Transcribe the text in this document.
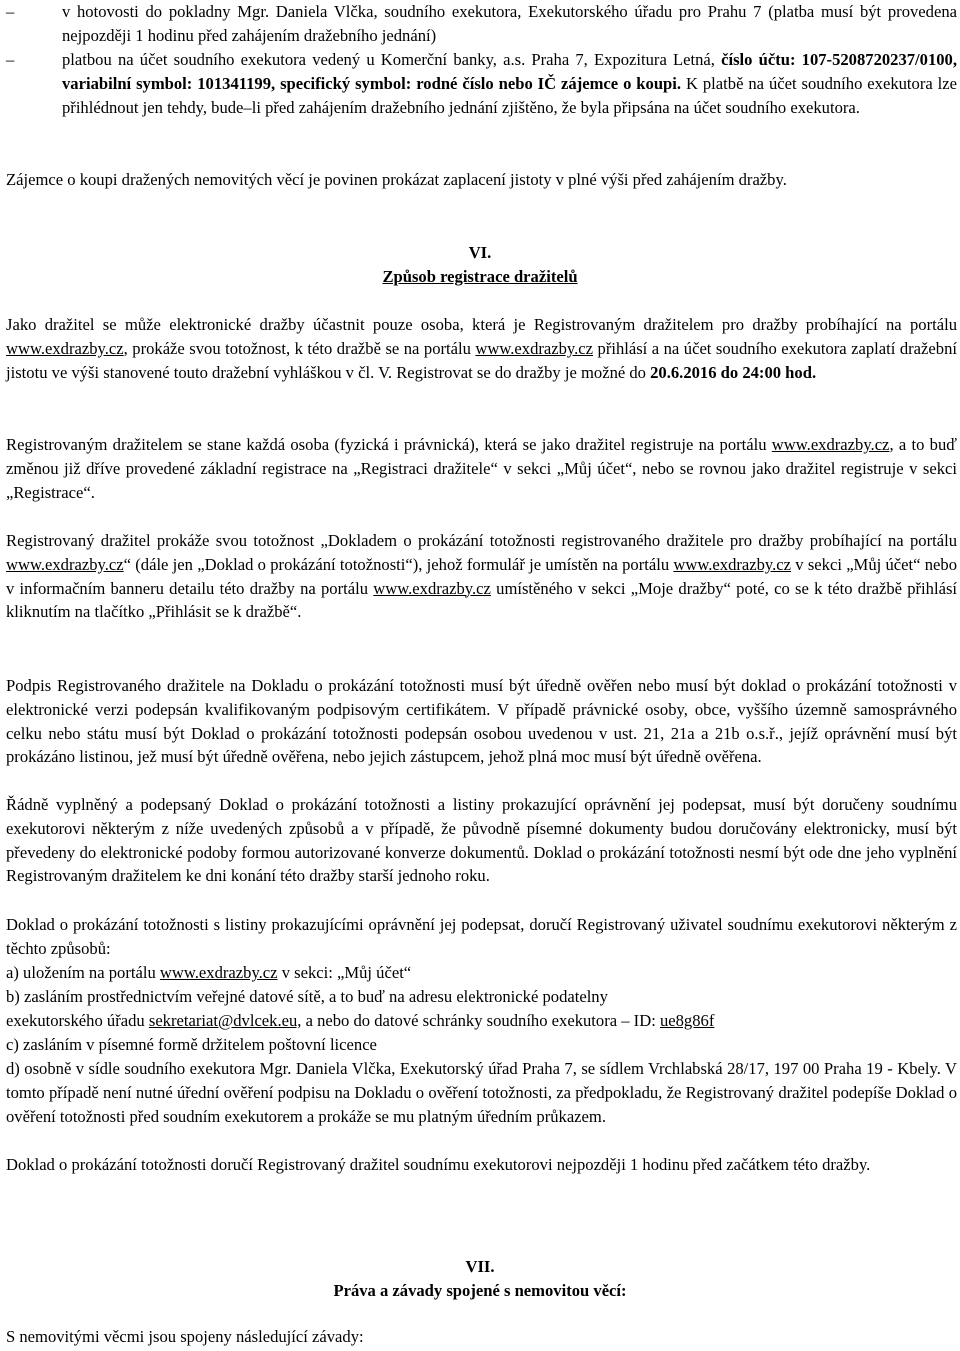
–	v hotovosti do pokladny Mgr. Daniela Vlčka, soudního exekutora, Exekutorského úřadu pro Prahu 7 (platba musí být provedena nejpozději 1 hodinu před zahájením dražebního jednání)

–	platbou na účet soudního exekutora vedený u Komerční banky, a.s. Praha 7, Expozitura Letná, číslo účtu: 107-5208720237/0100, variabilní symbol: 101341199, specifický symbol: rodné číslo nebo IČ zájemce o koupi. K platbě na účet soudního exekutora lze přihlédnout jen tehdy, bude–li před zahájením dražebního jednání zjištěno, že byla připsána na účet soudního exekutora.

Zájemce o koupi dražených nemovitých věcí je povinen prokázat zaplacení jistoty v plné výši před zahájením dražby.

VI.

Způsob registrace dražitelů

Jako dražitel se může elektronické dražby účastnit pouze osoba, která je Registrovaným dražitelem pro dražby probíhající na portálu www.exdrazby.cz, prokáže svou totožnost, k této dražbě se na portálu www.exdrazby.cz přihlásí a na účet soudního exekutora zaplatí dražební jistotu ve výši stanovené touto dražební vyhláškou v čl. V. Registrovat se do dražby je možné do 20.6.2016 do 24:00 hod.

Registrovaným dražitelem se stane každá osoba (fyzická i právnická), která se jako dražitel registruje na portálu www.exdrazby.cz, a to buď změnou již dříve provedené základní registrace na „Registraci dražitele“ v sekci „Můj účet“, nebo se rovnou jako dražitel registruje v sekci „Registrace“.

Registrovaný dražitel prokáže svou totožnost „Dokladem o prokázání totožnosti registrovaného dražitele pro dražby probíhající na portálu www.exdrazby.cz“ (dále jen „Doklad o prokázání totožnosti“), jehož formulář je umístěn na portálu www.exdrazby.cz v sekci „Můj účet“ nebo v informačním banneru detailu této dražby na portálu www.exdrazby.cz umístěného v sekci „Moje dražby“ poté, co se k této dražbě přihlásí kliknutím na tlačítko „Přihlásit se k dražbě“.

Podpis Registrovaného dražitele na Dokladu o prokázání totožnosti musí být úředně ověřen nebo musí být doklad o prokázání totožnosti v elektronické verzi podepsán kvalifikovaným podpisovým certifikátem. V případě právnické osoby, obce, vyššího územně samosprávného celku nebo státu musí být Doklad o prokázání totožnosti podepsán osobou uvedenou v ust. 21, 21a a 21b o.s.ř., jejíž oprávnění musí být prokázáno listinou, jež musí být úředně ověřena, nebo jejich zástupcem, jehož plná moc musí být úředně ověřena.

Řádně vyplněný a podepsaný Doklad o prokázání totožnosti a listiny prokazující oprávnění jej podepsat, musí být doručeny soudnímu exekutorovi některým z níže uvedených způsobů a v případě, že původně písemné dokumenty budou doručovány elektronicky, musí být převedeny do elektronické podoby formou autorizované konverze dokumentů. Doklad o prokázání totožnosti nesmí být ode dne jeho vyplnění Registrovaným dražitelem ke dni konání této dražby starší jednoho roku.

Doklad o prokázání totožnosti s listiny prokazujícími oprávnění jej podepsat, doručí Registrovaný uživatel soudnímu exekutorovi některým z těchto způsobů:

a) uložením na portálu www.exdrazby.cz v sekci: „Můj účet“

b) zasláním prostřednictvím veřejné datové sítě, a to buď na adresu elektronické podatelny

exekutorského úřadu sekretariat@dvlcek.eu, a nebo do datové schránky soudního exekutora – ID: ue8g86f

c) zasláním v písemné formě držitelem poštovní licence

d) osobně v sídle soudního exekutora Mgr. Daniela Vlčka, Exekutorský úřad Praha 7, se sídlem Vrchlabská 28/17, 197 00 Praha 19 - Kbely. V tomto případě není nutné úřední ověření podpisu na Dokladu o ověření totožnosti, za předpokladu, že Registrovaný dražitel podepíše Doklad o ověření totožnosti před soudním exekutorem a prokáže se mu platným úředním průkazem.

Doklad o prokázání totožnosti doručí Registrovaný dražitel soudnímu exekutorovi nejpozději 1 hodinu před začátkem této dražby.

VII.

Práva a závady spojené s nemovitou věcí:

S nemovitými věcmi jsou spojeny následující závady:
